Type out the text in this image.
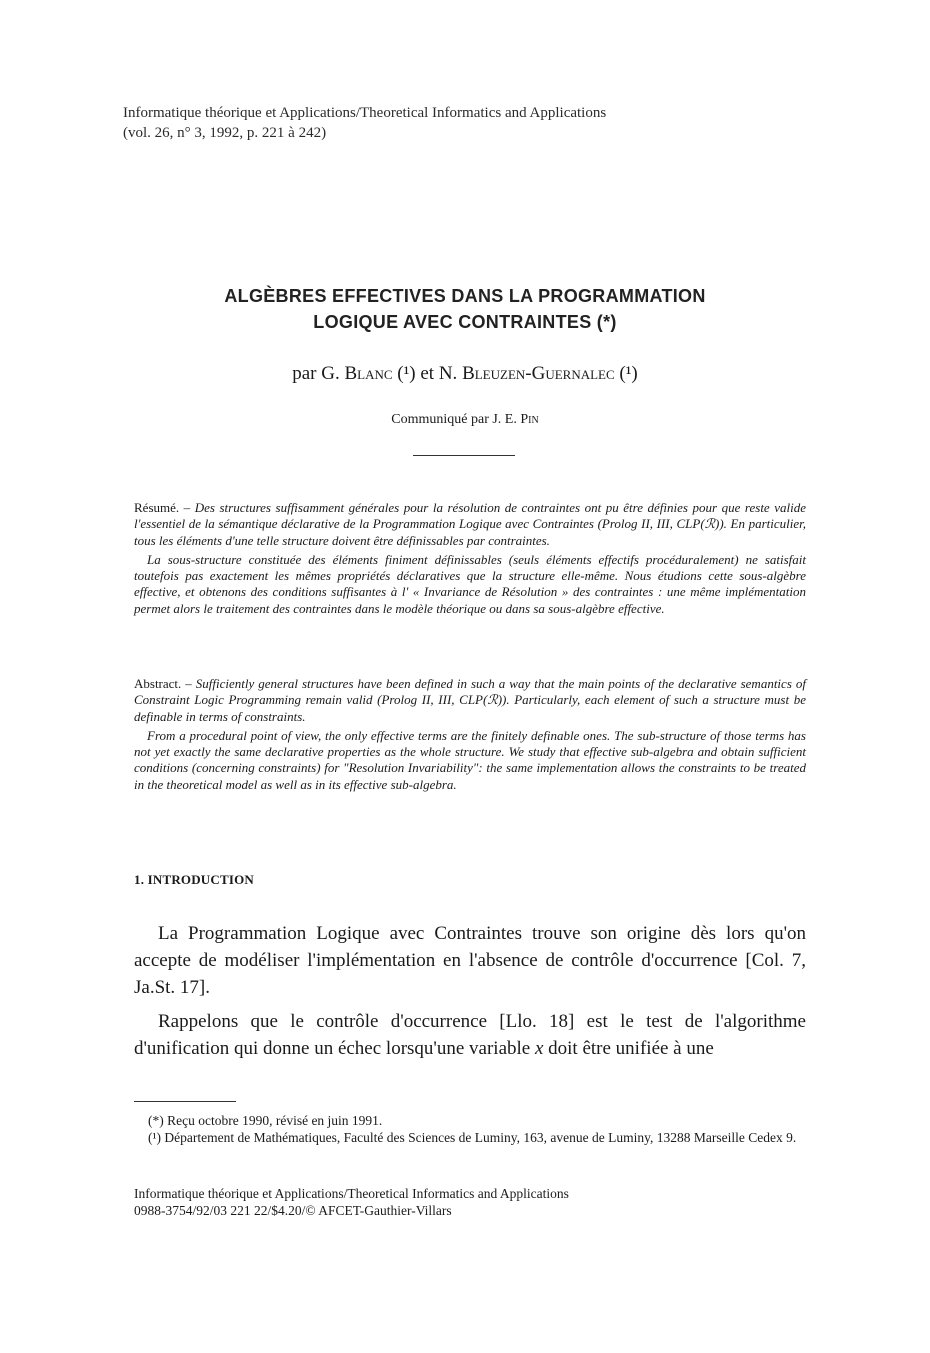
Informatique théorique et Applications/Theoretical Informatics and Applications
(vol. 26, n° 3, 1992, p. 221 à 242)
ALGÈBRES EFFECTIVES DANS LA PROGRAMMATION
LOGIQUE AVEC CONTRAINTES (*)
par G. Blanc (¹) et N. Bleuzen-Guernalec (¹)
Communiqué par J. E. Pin

Résumé. – Des structures suffisamment générales pour la résolution de contraintes ont pu être définies pour que reste valide l'essentiel de la sémantique déclarative de la Programmation Logique avec Contraintes (Prolog II, III, CLP(ℛ)). En particulier, tous les éléments d'une telle structure doivent être définissables par contraintes.

La sous-structure constituée des éléments finiment définissables (seuls éléments effectifs procéduralement) ne satisfait toutefois pas exactement les mêmes propriétés déclaratives que la structure elle-même. Nous étudions cette sous-algèbre effective, et obtenons des conditions suffisantes à l' « Invariance de Résolution » des contraintes : une même implémentation permet alors le traitement des contraintes dans le modèle théorique ou dans sa sous-algèbre effective.

Abstract. – Sufficiently general structures have been defined in such a way that the main points of the declarative semantics of Constraint Logic Programming remain valid (Prolog II, III, CLP(ℛ)). Particularly, each element of such a structure must be definable in terms of constraints.

From a procedural point of view, the only effective terms are the finitely definable ones. The sub-structure of those terms has not yet exactly the same declarative properties as the whole structure. We study that effective sub-algebra and obtain sufficient conditions (concerning constraints) for "Resolution Invariability": the same implementation allows the constraints to be treated in the theoretical model as well as in its effective sub-algebra.

1. INTRODUCTION

La Programmation Logique avec Contraintes trouve son origine dès lors qu'on accepte de modéliser l'implémentation en l'absence de contrôle d'occurrence [Col. 7, Ja.St. 17].

Rappelons que le contrôle d'occurrence [Llo. 18] est le test de l'algorithme d'unification qui donne un échec lorsqu'une variable x doit être unifiée à une

(*) Reçu octobre 1990, révisé en juin 1991.

(¹) Département de Mathématiques, Faculté des Sciences de Luminy, 163, avenue de Luminy, 13288 Marseille Cedex 9.

Informatique théorique et Applications/Theoretical Informatics and Applications
0988-3754/92/03 221 22/$4.20/© AFCET-Gauthier-Villars
